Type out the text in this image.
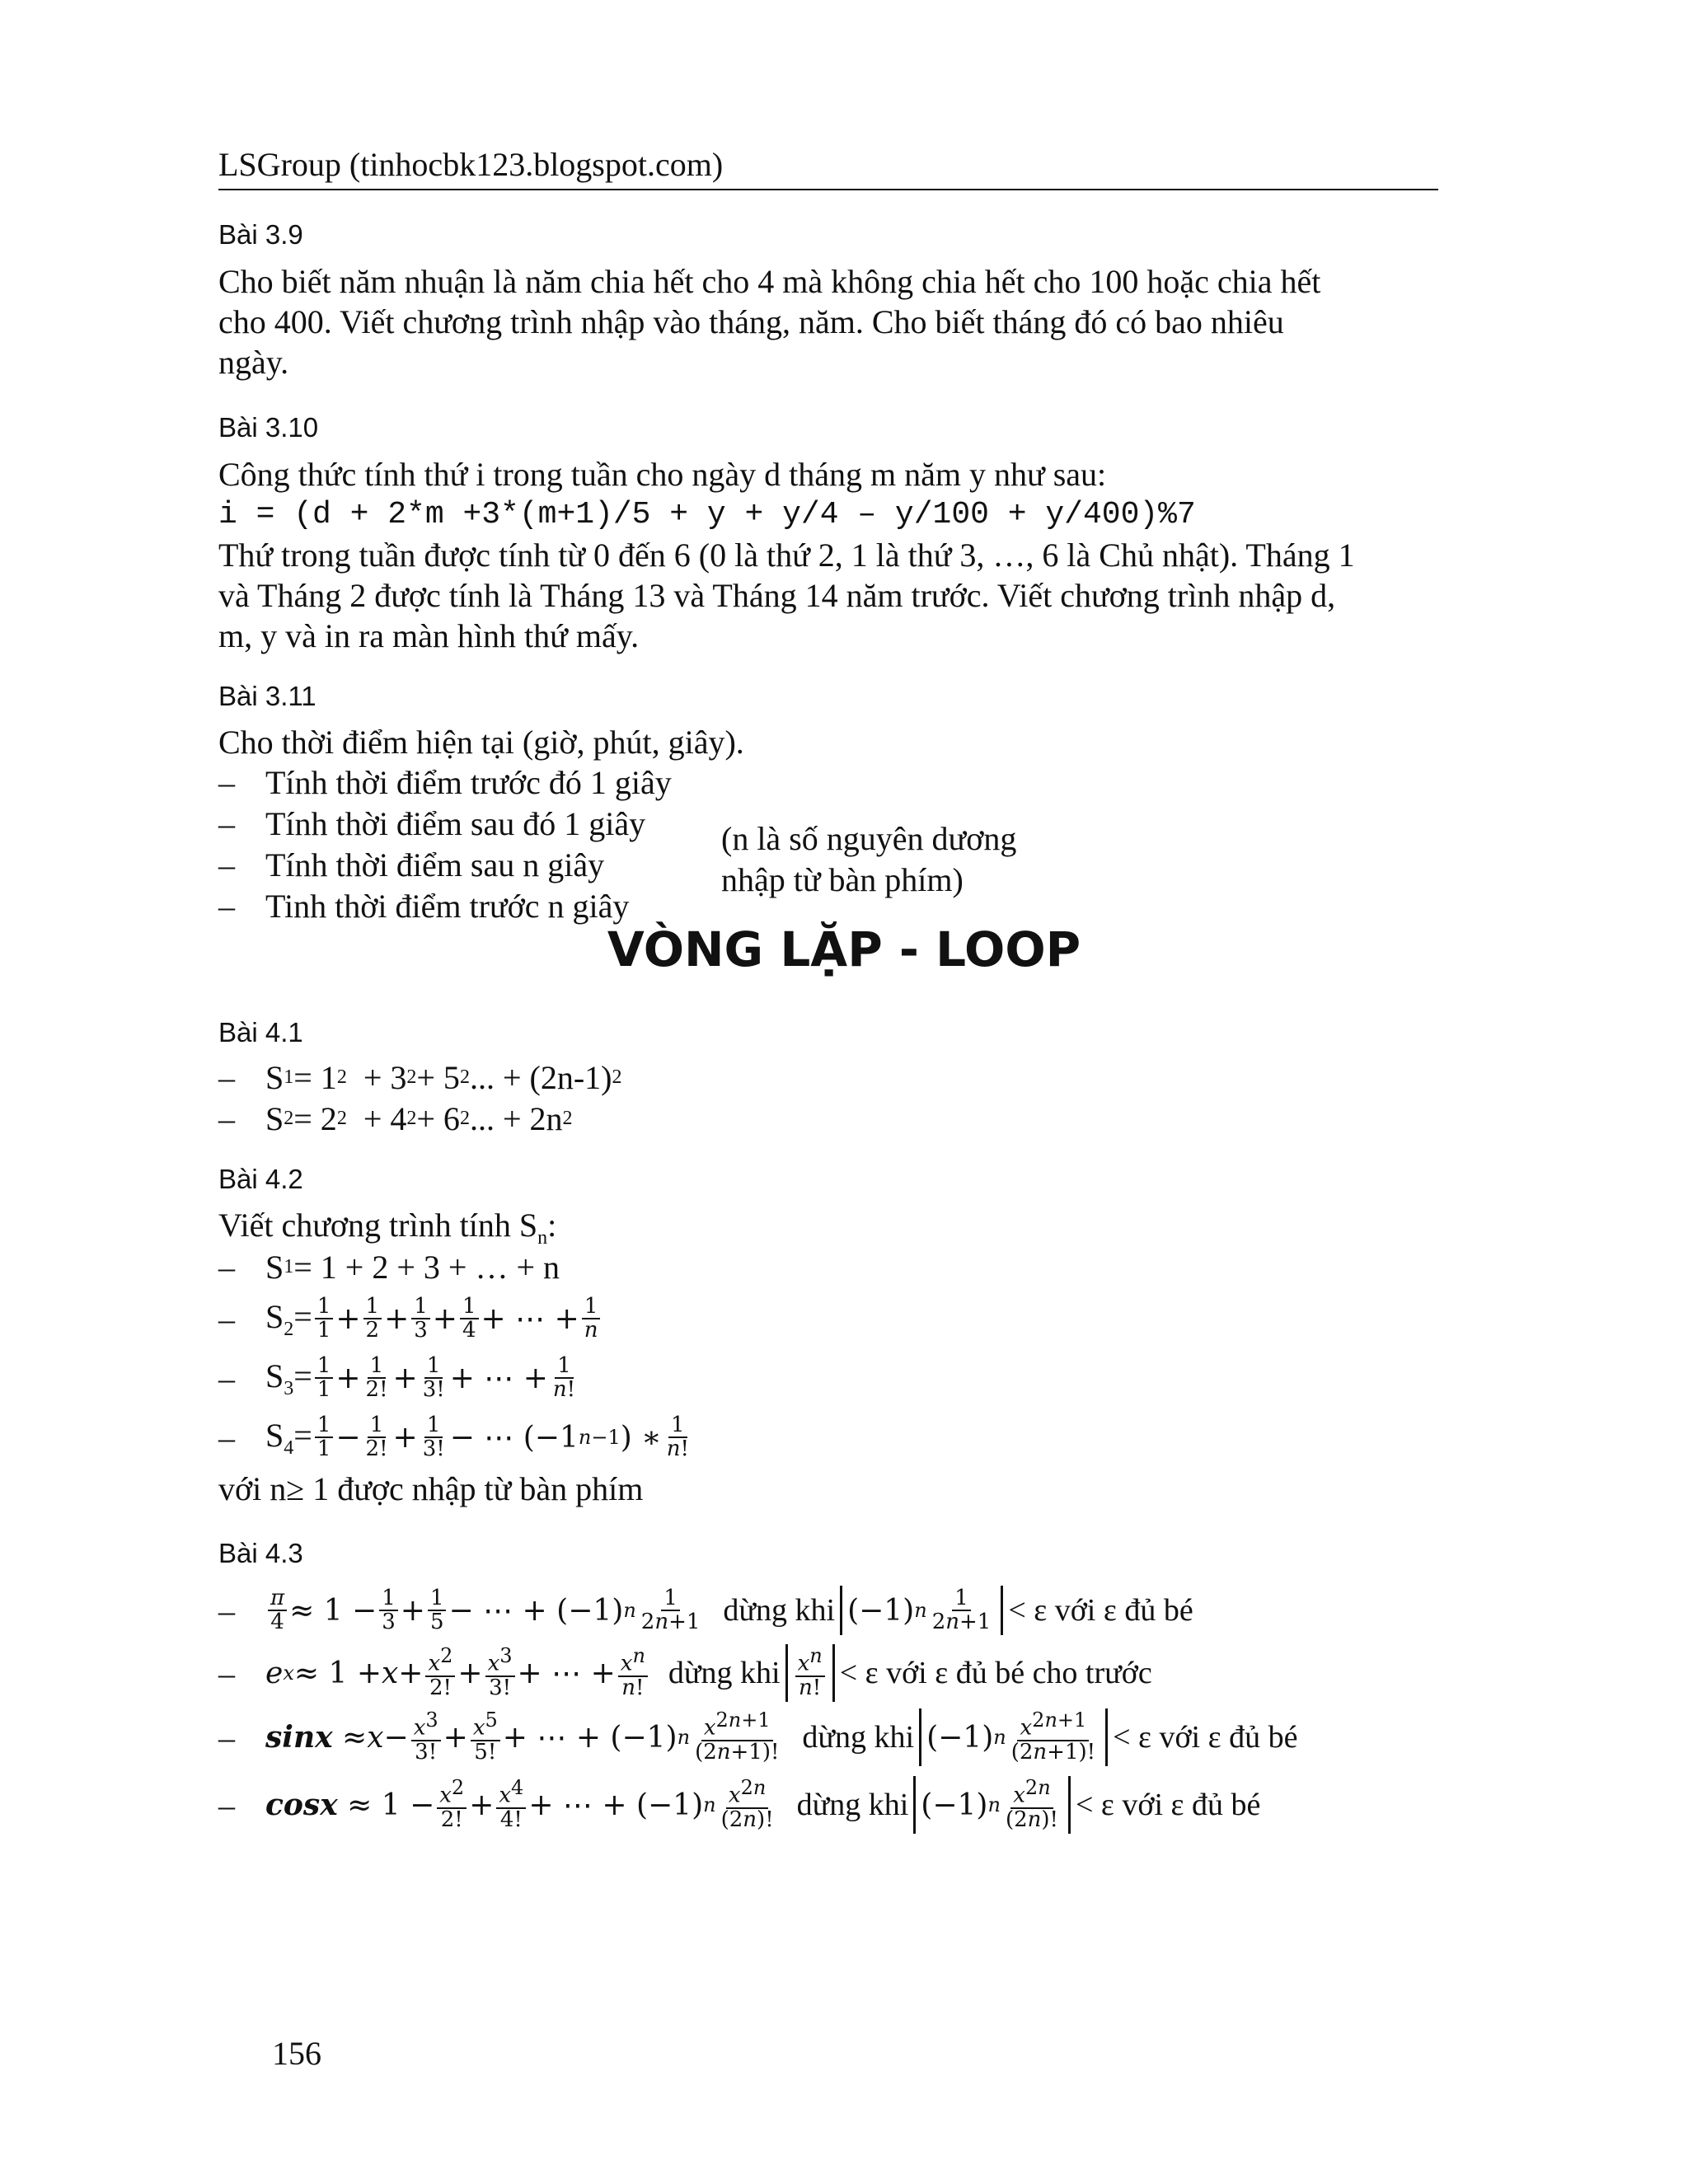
LSGroup (tinhocbk123.blogspot.com)
Bài 3.9

Cho biết năm nhuận là năm chia hết cho 4 mà không chia hết cho 100 hoặc chia hết

cho 400. Viết chương trình nhập vào tháng, năm. Cho biết tháng đó có bao nhiêu

ngày.

Bài 3.10

Công thức tính thứ i trong tuần cho ngày d tháng m năm y như sau:

i = (d + 2*m +3*(m+1)/5 + y + y/4 – y/100 + y/400)%7

Thứ trong tuần được tính từ 0 đến 6 (0 là thứ 2, 1 là thứ 3, …, 6 là Chủ nhật). Tháng 1

và Tháng 2 được tính là Tháng 13 và Tháng 14 năm trước. Viết chương trình nhập d,

m, y và in ra màn hình thứ mấy.

Bài 3.11
Cho thời điểm hiện tại (giờ, phút, giây).
– Tính thời điểm trước đó 1 giây
– Tính thời điểm sau đó 1 giây
– Tính thời điểm sau n giây
– Tinh thời điểm trước n giây
(n là số nguyên dương
nhập từ bàn phím)
VÒNG LẶP - LOOP
Bài 4.1
– S 1 = 1 2 + 3 2 + 5 2 ... + (2n-1) 2
– S 2 = 2 2 + 4 2 + 6 2 ... + 2n 2
Bài 4.2
Viết chương trình tính $S_n$:
– S 1 = 1 + 2 + 3 + … + n
– $S_2= \frac{1}{1} + \frac{1}{2} + \frac{1}{3} + \frac{1}{4}$ + ⋯ + $\frac{1}{n}$
– $S_3= \frac{1}{1} + \frac{1}{2!} + \frac{1}{3!}$ + ⋯ + $\frac{1}{n!}$
– $S_4= \frac{1}{1} - \frac{1}{2!} + \frac{1}{3!}$ − ⋯ (−1 n−1 ) ∗ $\frac{1}{n!}$
với n≥ 1 được nhập từ bàn phím
Bài 4.3
–	$\frac{\pi}{4} \approx 1 - \frac{1}{3} + \frac{1}{5}$ − ⋯ + (−1) n $\frac{1}{2n+1}$ dừng khi (−1) n $\frac{1}{2n+1} < \varepsilon$ với ε đủ bé
–	e $x \approx 1 + x + \frac{x^2}{2!} + \frac{x^3}{3!}$ + ⋯ + $\frac{x^n}{n!}$ dừng khi $\frac{x^n}{n!} < \varepsilon$ với ε đủ bé cho trước
–	$\sin x \approx x - \frac{x^3}{3!} + \frac{x^5}{5!}$ + ⋯ + (−1) n $\frac{x^{2n+1}}{(2n+1)!}$ dừng khi (−1) n $\frac{x^{2n+1}}{(2n+1)!} < \varepsilon$ với ε đủ bé
–	$\cos x \approx 1 - \frac{x^2}{2!} + \frac{x^4}{4!}$ + ⋯ + (−1) n $\frac{x^{2n}}{(2n)!}$ dừng khi (−1) n $\frac{x^{2n}}{(2n)!} < \varepsilon$ với ε đủ bé
156
